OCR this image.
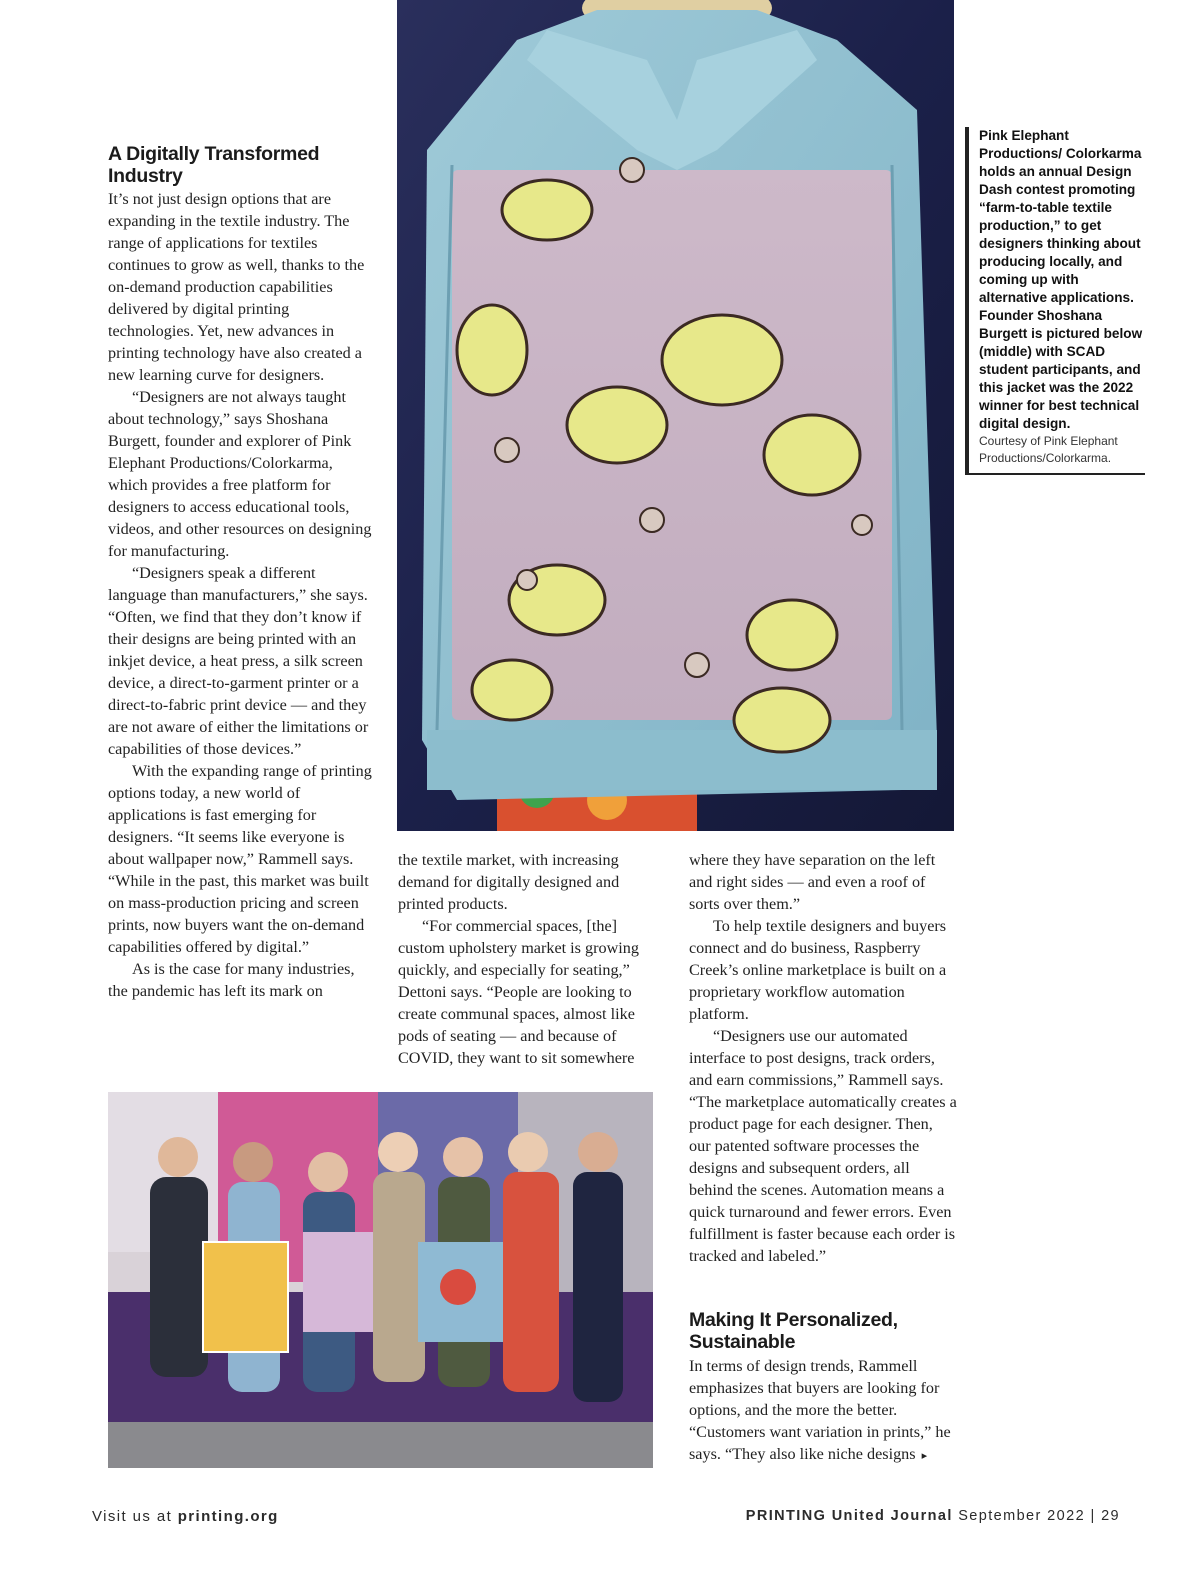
A Digitally Transformed Industry

It’s not just design options that are expanding in the textile industry. The range of applications for textiles continues to grow as well, thanks to the on-demand production capabilities delivered by digital printing technologies. Yet, new advances in printing technology have also created a new learning curve for designers.

“Designers are not always taught about technology,” says Shoshana Burgett, founder and explorer of Pink Elephant Productions/Colorkarma, which provides a free platform for designers to access educational tools, videos, and other resources on designing for manufacturing.

“Designers speak a different language than manufacturers,” she says. “Often, we find that they don’t know if their designs are being printed with an inkjet device, a heat press, a silk screen device, a direct-to-garment printer or a direct-to-fabric print device — and they are not aware of either the limitations or capabilities of those devices.”

With the expanding range of printing options today, a new world of applications is fast emerging for designers. “It seems like everyone is about wallpaper now,” Rammell says. “While in the past, this market was built on mass-production pricing and screen prints, now buyers want the on-demand capabilities offered by digital.”

As is the case for many industries, the pandemic has left its mark on

the textile market, with increasing demand for digitally designed and printed products.

“For commercial spaces, [the] custom upholstery market is growing quickly, and especially for seating,” Dettoni says. “People are looking to create communal spaces, almost like pods of seating — and because of COVID, they want to sit somewhere

where they have separation on the left and right sides — and even a roof of sorts over them.”

To help textile designers and buyers connect and do business, Raspberry Creek’s online marketplace is built on a proprietary workflow automation platform.

“Designers use our automated interface to post designs, track orders, and earn commissions,” Rammell says. “The marketplace automatically creates a product page for each designer. Then, our patented software processes the designs and subsequent orders, all behind the scenes. Automation means a quick turnaround and fewer errors. Even fulfillment is faster because each order is tracked and labeled.”

Making It Personalized, Sustainable

In terms of design trends, Rammell emphasizes that buyers are looking for options, and the more the better. “Customers want variation in prints,” he says. “They also like niche designs ▸

Pink Elephant Productions/ Colorkarma holds an annual Design Dash contest promoting “farm-to-table textile production,” to get designers thinking about producing locally, and coming up with alternative applications. Founder Shoshana Burgett is pictured below (middle) with SCAD student participants, and this jacket was the 2022 winner for best technical digital design.
Courtesy of Pink Elephant Productions/Colorkarma.
Visit us at printing.org	PRINTING United Journal September 2022 | 29
